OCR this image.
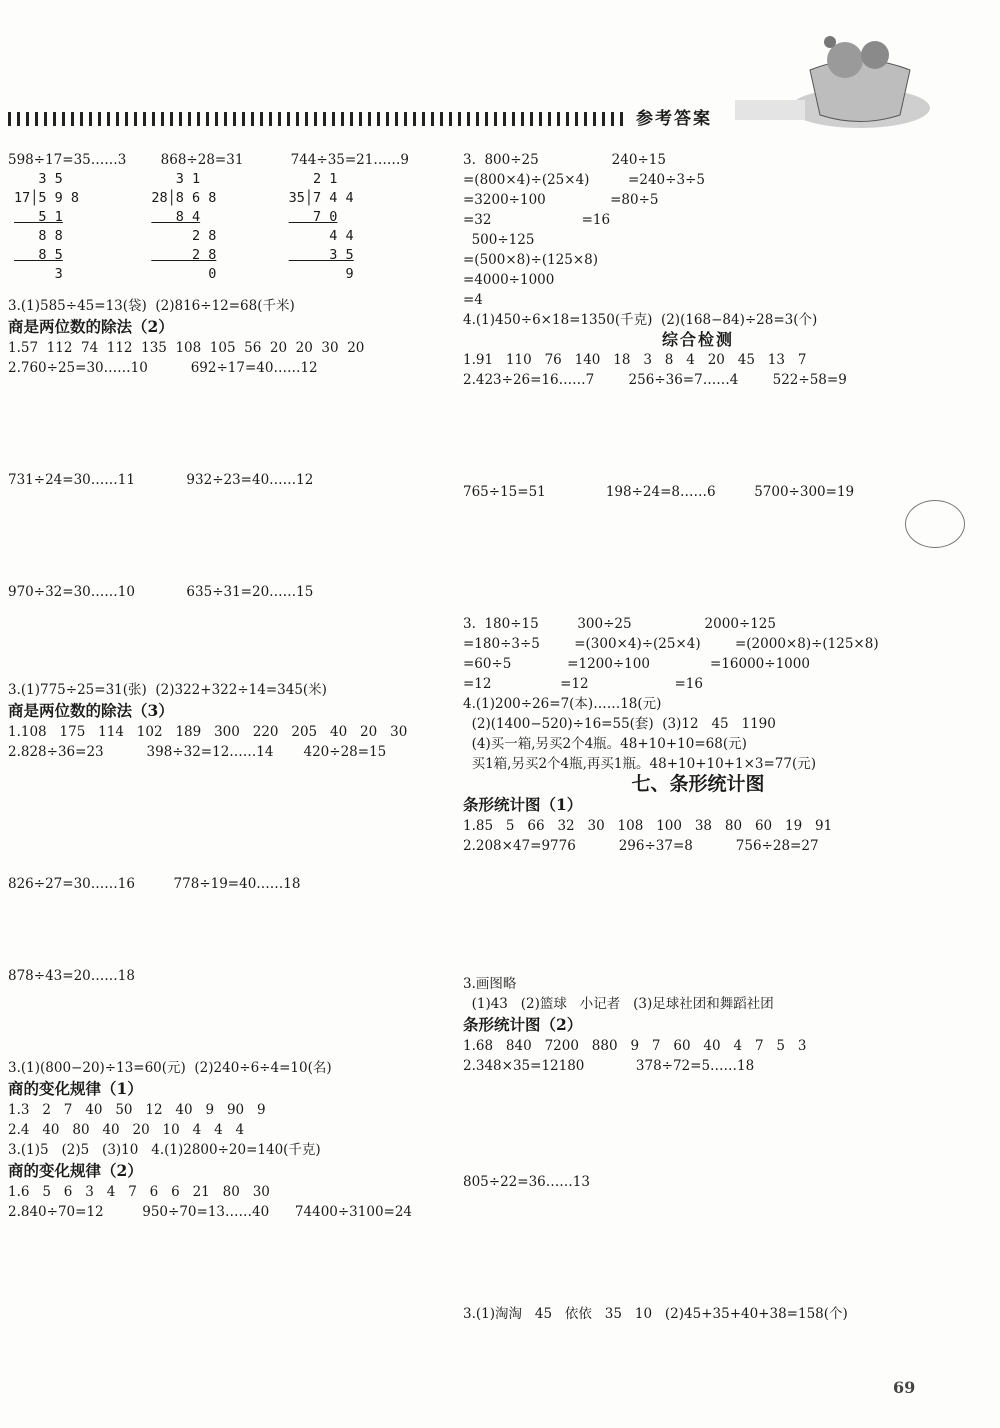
参考答案
598÷17=35……3        868÷28=31           744÷35=21……9
3 5
17│5 9 8
5 1
8 8
8 5
3

3 1
28│8 6 8
8 4
2 8
2 8
0

2 1
35│7 4 4
7 0
4 4
3 5
9
3.(1)585÷45=13(袋)  (2)816÷12=68(千米)
商是两位数的除法（2）
1.57  112  74  112  135  108  105  56  20  20  30  20
2.760÷25=30……10          692÷17=40……12
731÷24=30……11            932÷23=40……12
970÷32=30……10            635÷31=20……15
3.(1)775÷25=31(张)  (2)322+322÷14=345(米)
商是两位数的除法（3）
1.108   175   114   102   189   300   220   205   40   20   30
2.828÷36=23          398÷32=12……14       420÷28=15
826÷27=30……16         778÷19=40……18
878÷43=20……18
3.(1)(800−20)÷13=60(元)  (2)240÷6÷4=10(名)
商的变化规律（1）
1.3   2   7   40   50   12   40   9   90   9
2.4   40   80   40   20   10   4   4   4
3.(1)5   (2)5   (3)10   4.(1)2800÷20=140(千克)
商的变化规律（2）
1.6   5   6   3   4   7   6   6   21   80   30
2.840÷70=12         950÷70=13……40      74400÷3100=24
3.  800÷25                 240÷15
=(800×4)÷(25×4)         =240÷3÷5
=3200÷100               =80÷5
=32                     =16
500÷125
=(500×8)÷(125×8)
=4000÷1000
=4
4.(1)450÷6×18=1350(千克)  (2)(168−84)÷28=3(个)
综合检测
1.91   110   76   140   18   3   8   4   20   45   13   7
2.423÷26=16……7        256÷36=7……4        522÷58=9
765÷15=51              198÷24=8……6         5700÷300=19
3.  180÷15         300÷25                 2000÷125
=180÷3÷5        =(300×4)÷(25×4)        =(2000×8)÷(125×8)
=60÷5             =1200÷100              =16000÷1000
=12                =12                    =16
4.(1)200÷26=7(本)……18(元)
(2)(1400−520)÷16=55(套)  (3)12   45   1190
(4)买一箱,另买2个4瓶。48+10+10=68(元)
买1箱,另买2个4瓶,再买1瓶。48+10+10+1×3=77(元)
七、条形统计图
条形统计图（1）
1.85   5   66   32   30   108   100   38   80   60   19   91
2.208×47=9776          296÷37=8          756÷28=27
3.画图略
(1)43   (2)篮球   小记者   (3)足球社团和舞蹈社团
条形统计图（2）
1.68   840   7200   880   9   7   60   40   4   7   5   3
2.348×35=12180            378÷72=5……18
805÷22=36……13
3.(1)淘淘   45   依依   35   10   (2)45+35+40+38=158(个)
69
